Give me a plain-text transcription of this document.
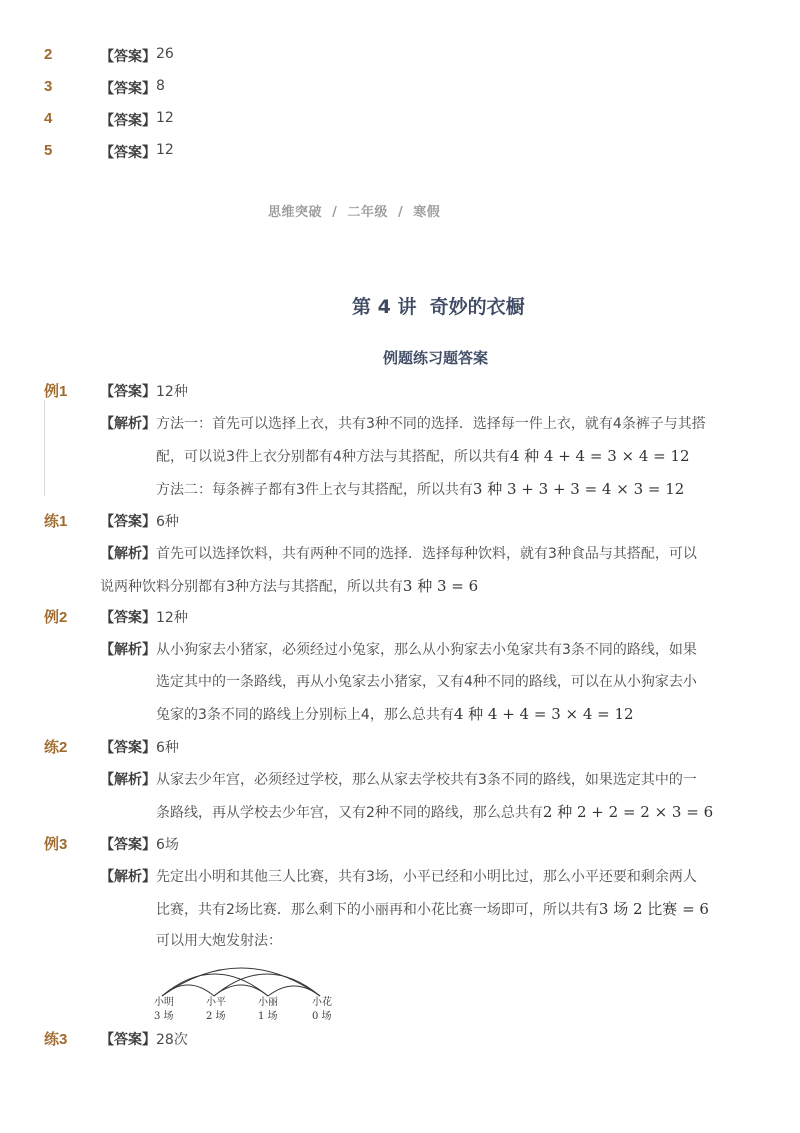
2	【答案】 26
3	【答案】 8
4	【答案】 12
5	【答案】 12
思维突破 / 二年级 / 寒假
第 4 讲  奇妙的衣橱
例题练习题答案
例1 【答案】 12种
【解析】 方法一：首先可以选择上衣，共有3种不同的选择．选择每一件上衣，就有4条裤子与其搭
配，可以说3件上衣分别都有4种方法与其搭配，所以共有4 种 4 + 4 = 3 × 4 = 12
方法二：每条裤子都有3件上衣与其搭配，所以共有3 种 3 + 3 + 3 = 4 × 3 = 12
练1 【答案】 6种
【解析】 首先可以选择饮料，共有两种不同的选择．选择每种饮料，就有3种食品与其搭配，可以
说两种饮料分别都有3种方法与其搭配，所以共有3 种 3 = 6
例2 【答案】 12种
【解析】 从小狗家去小猪家，必须经过小兔家，那么从小狗家去小兔家共有3条不同的路线，如果
选定其中的一条路线，再从小兔家去小猪家，又有4种不同的路线，可以在从小狗家去小
兔家的3条不同的路线上分别标上4，那么总共有4 种 4 + 4 = 3 × 4 = 12
练2 【答案】 6种
【解析】 从家去少年宫，必须经过学校，那么从家去学校共有3条不同的路线，如果选定其中的一
条路线，再从学校去少年宫，又有2种不同的路线，那么总共有2 种 2 + 2 = 2 × 3 = 6
例3 【答案】 6场
【解析】 先定出小明和其他三人比赛，共有3场，小平已经和小明比过，那么小平还要和剩余两人
比赛，共有2场比赛．那么剩下的小丽再和小花比赛一场即可，所以共有3 场 2 比赛 = 6
可以用大炮发射法：
小明	小平	小丽	小花
3 场	2 场	1 场	0 场
练3 【答案】 28次
